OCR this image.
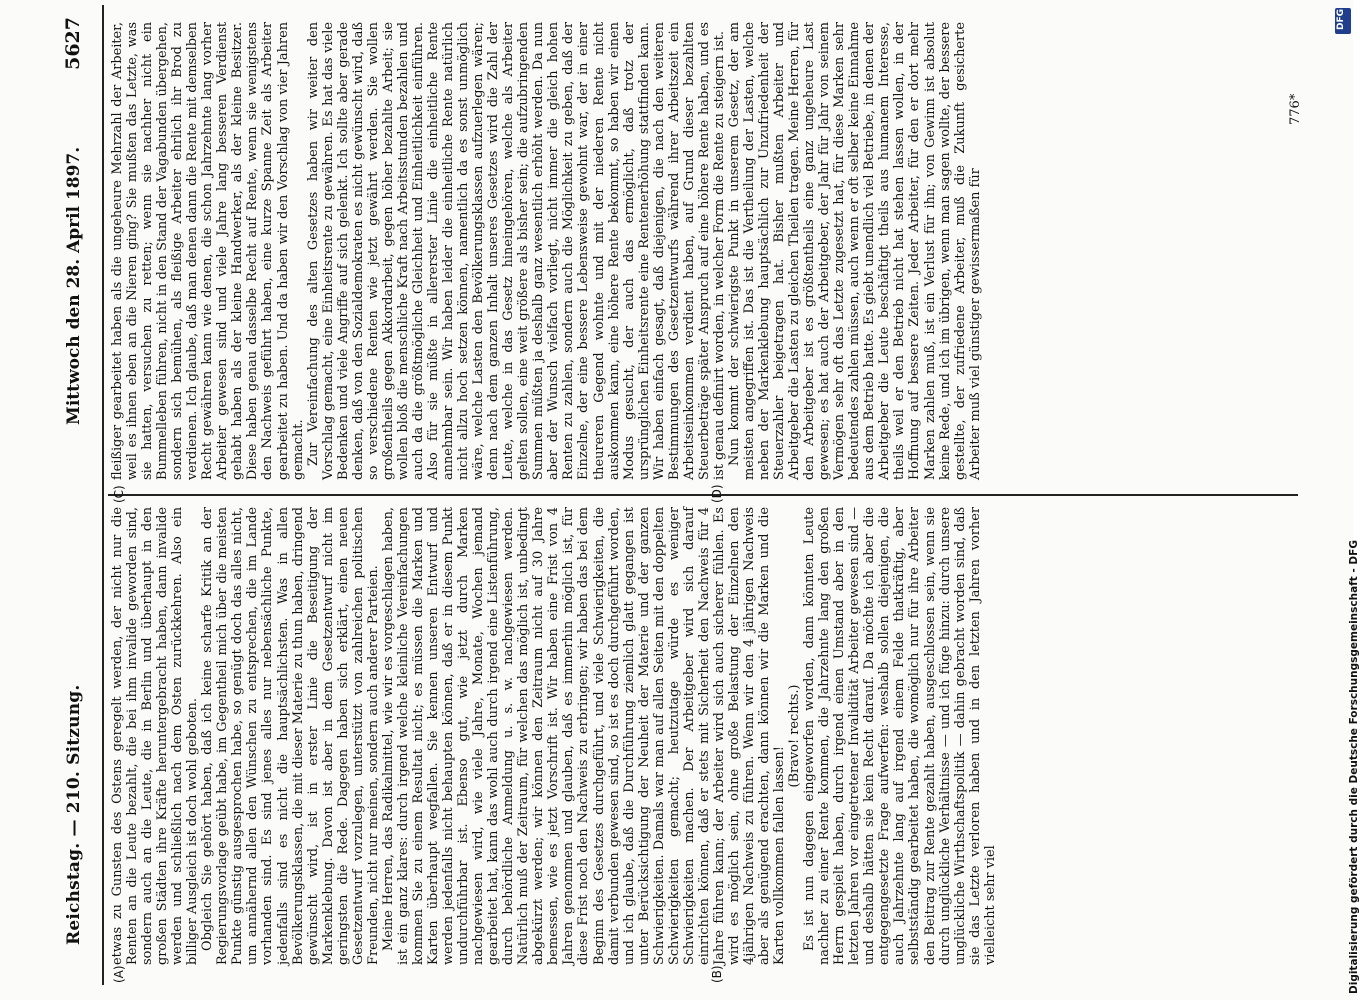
Reichstag. — 210. Sitzung.
Mittwoch den 28. April 1897.
5627
(A)	(B)
(C)	(D)

etwas zu Gunsten des Ostens geregelt werden, der nicht nur die Renten an die Leute bezahlt, die bei ihm invalide geworden sind, sondern auch an die Leute, die in Berlin und überhaupt in den großen Städten ihre Kräfte heruntergebracht haben, dann invalide werden und schließlich nach dem Osten zurückkehren. Also ein billiger Ausgleich ist doch wohl geboten. Obgleich Sie gehört haben, daß ich keine scharfe Kritik an der Regierungsvorlage geübt habe, im Gegentheil mich über die meisten Punkte günstig ausgesprochen habe, so genügt doch das alles nicht, um annähernd allen den Wünschen zu entsprechen, die im Lande vorhanden sind. Es sind jenes alles nur nebensächliche Punkte, jedenfalls sind es nicht die hauptsächlichsten. Was in allen Bevölkerungsklassen, die mit dieser Materie zu thun haben, dringend gewünscht wird, ist in erster Linie die Beseitigung der Markenklebung. Davon ist aber in dem Gesetzentwurf nicht im geringsten die Rede. Dagegen haben sich erklärt, einen neuen Gesetzentwurf vorzulegen, unterstützt von zahlreichen politischen Freunden, nicht nur meinen, sondern auch anderer Parteien. Meine Herren, das Radikalmittel, wie wir es vorgeschlagen haben, ist ein ganz klares: durch irgend welche kleinliche Vereinfachungen kommen Sie zu einem Resultat nicht; es müssen die Marken und Karten überhaupt wegfallen. Sie kennen unseren Entwurf und werden jedenfalls nicht behaupten können, daß er in diesem Punkt undurchführbar ist. Ebenso gut, wie jetzt durch Marken nachgewiesen wird, wie viele Jahre, Monate, Wochen jemand gearbeitet hat, kann das wohl auch durch irgend eine Listenführung, durch behördliche Anmeldung u. s. w. nachgewiesen werden. Natürlich muß der Zeitraum, für welchen das möglich ist, unbedingt abgekürzt werden; wir können den Zeitraum nicht auf 30 Jahre bemessen, wie es jetzt Vorschrift ist. Wir haben eine Frist von 4 Jahren genommen und glauben, daß es immerhin möglich ist, für diese Frist noch den Nachweis zu erbringen; wir haben das bei dem Beginn des Gesetzes durchgeführt, und viele Schwierigkeiten, die damit verbunden gewesen sind, so ist es doch durchgeführt worden, und ich glaube, daß die Durchführung ziemlich glatt gegangen ist unter Berücksichtigung der Neuheit der Materie und der ganzen Schwierigkeiten. Damals war man auf allen Seiten mit den doppelten Schwierigkeiten gemacht; heutzutage würde es weniger Schwierigkeiten machen. Der Arbeitgeber wird sich darauf einrichten können, daß er stets mit Sicherheit den Nachweis für 4 Jahre führen kann; der Arbeiter wird sich auch sicherer fühlen. Es wird es möglich sein, ohne große Belastung der Einzelnen den 4jährigen Nachweis zu führen. Wenn wir den 4 jährigen Nachweis aber als genügend erachten, dann können wir die Marken und die Karten vollkommen fallen lassen!

(Bravo! rechts.) Es ist nun dagegen eingeworfen worden, dann könnten Leute nachher zu einer Rente kommen, die Jahrzehnte lang den großen Herrn gespielt haben, durch irgend einen Umstand aber in den letzten Jahren vor eingetretener Invalidität Arbeiter gewesen sind — und deshalb hätten sie kein Recht darauf. Da möchte ich aber die entgegengesetzte Frage aufwerfen: weshalb sollen diejenigen, die auch Jahrzehnte lang auf irgend einem Felde thatkräftig, aber selbstständig gearbeitet haben, die womöglich nur für ihre Arbeiter den Beitrag zur Rente gezahlt haben, ausgeschlossen sein, wenn sie durch unglückliche Verhältnisse — und ich füge hinzu: durch unsere unglückliche Wirthschaftspolitik — dahin gebracht worden sind, daß sie das Letzte verloren haben und in den letzten Jahren vorher vielleicht sehr viel

fleißiger gearbeitet haben als die ungeheure Mehrzahl der Arbeiter, weil es ihnen eben an die Nieren ging? Sie mußten das Letzte, was sie hatten, versuchen zu retten; wenn sie nachher nicht ein Bummelleben führen, nicht in den Stand der Vagabunden übergehen, sondern sich bemühen, als fleißige Arbeiter ehrlich ihr Brod zu verdienen. Ich glaube, daß man denen dann die Rente mit demselben Recht gewähren kann wie denen, die schon Jahrzehnte lang vorher Arbeiter gewesen sind und viele Jahre lang besseren Verdienst gehabt haben als der kleine Handwerker, als der kleine Besitzer. Diese haben genau dasselbe Recht auf Rente, wenn sie wenigstens den Nachweis geführt haben, eine kurze Spanne Zeit als Arbeiter gearbeitet zu haben. Und da haben wir den Vorschlag von vier Jahren gemacht. Zur Vereinfachung des alten Gesetzes haben wir weiter den Vorschlag gemacht, eine Einheitsrente zu gewähren. Es hat das viele Bedenken und viele Angriffe auf sich gelenkt. Ich sollte aber gerade denken, daß von den Sozialdemokraten es nicht gewünscht wird, daß so verschiedene Renten wie jetzt gewährt werden. Sie wollen großentheils gegen Akkordarbeit, gegen höher bezahlte Arbeit; sie wollen bloß die menschliche Kraft nach Arbeitsstunden bezahlen und auch da die größtmögliche Gleichheit und Einheitlichkeit einführen. Also für sie müßte in allererster Linie die einheitliche Rente annehmbar sein. Wir haben leider die einheitliche Rente natürlich nicht allzu hoch setzen können, namentlich da es sonst unmöglich wäre, welche Lasten den Bevölkerungsklassen aufzuerlegen wären; denn nach dem ganzen Inhalt unseres Gesetzes wird die Zahl der Leute, welche in das Gesetz hineingehören, welche als Arbeiter gelten sollen, eine weit größere als bisher sein; die aufzubringenden Summen müßten ja deshalb ganz wesentlich erhöht werden. Da nun aber der Wunsch vielfach vorliegt, nicht immer die gleich hohen Renten zu zahlen, sondern auch die Möglichkeit zu geben, daß der Einzelne, der eine bessere Lebensweise gewohnt war, der in einer theureren Gegend wohnte und mit der niederen Rente nicht auskommen kann, eine höhere Rente bekommt, so haben wir einen Modus gesucht, der auch das ermöglicht, daß trotz der ursprünglichen Einheitsrente eine Rentenerhöhung stattfinden kann. Wir haben einfach gesagt, daß diejenigen, die nach den weiteren Bestimmungen des Gesetzentwurfs während ihrer Arbeitszeit ein Arbeitseinkommen verdient haben, auf Grund dieser bezahlten Steuerbeträge später Anspruch auf eine höhere Rente haben, und es ist genau definirt worden, in welcher Form die Rente zu steigern ist. Nun kommt der schwierigste Punkt in unserem Gesetz, der am meisten angegriffen ist. Das ist die Vertheilung der Lasten, welche neben der Markenklebung hauptsächlich zur Unzufriedenheit der Steuerzahler beigetragen hat. Bisher mußten Arbeiter und Arbeitgeber die Lasten zu gleichen Theilen tragen. Meine Herren, für den Arbeitgeber ist es größtentheils eine ganz ungeheure Last gewesen; es hat auch der Arbeitgeber, der Jahr für Jahr von seinem Vermögen sehr oft das Letzte zugesetzt hat, für diese Marken sehr bedeutendes zahlen müssen, auch wenn er oft selber keine Einnahme aus dem Betrieb hatte. Es giebt unendlich viel Betriebe, in denen der Arbeitgeber die Leute beschäftigt theils aus humanem Interesse, theils weil er den Betrieb nicht hat stehen lassen wollen, in der Hoffnung auf bessere Zeiten. Jeder Arbeiter, für den er dort mehr Marken zahlen muß, ist ein Verlust für ihn; von Gewinn ist absolut keine Rede, und ich im übrigen, wenn man sagen wollte, der bessere gestellte, der zufriedene Arbeiter, muß die Zukunft gesicherte Arbeiter muß viel günstiger gewissermaßen für

776*
Digitalisierung gefördert durch die Deutsche Forschungsgemeinschaft - DFG
DFG
